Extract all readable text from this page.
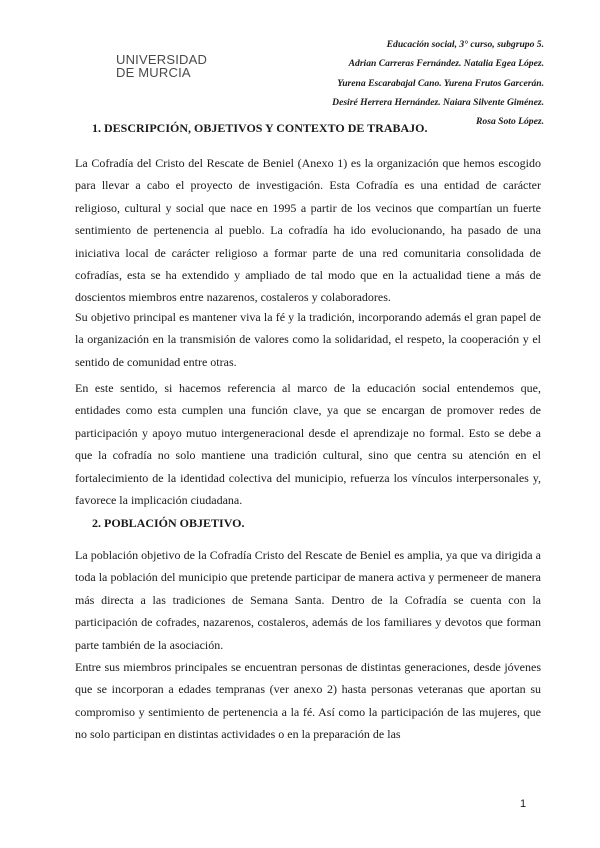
UNIVERSIDAD
DE MURCIA
Educación social, 3° curso, subgrupo 5.
Adrian Carreras Fernández. Natalia Egea López.
Yurena Escarabajal Cano. Yurena Frutos Garcerán.
Desiré Herrera Hernández. Naiara Silvente Giménez.
Rosa Soto López.
1. DESCRIPCIÓN, OBJETIVOS Y CONTEXTO DE TRABAJO.

La Cofradía del Cristo del Rescate de Beniel (Anexo 1) es la organización que hemos escogido para llevar a cabo el proyecto de investigación. Esta Cofradía es una entidad de carácter religioso, cultural y social que nace en 1995 a partir de los vecinos que compartían un fuerte sentimiento de pertenencia al pueblo. La cofradía ha ido evolucionando, ha pasado de una iniciativa local de carácter religioso a formar parte de una red comunitaria consolidada de cofradías, esta se ha extendido y ampliado de tal modo que en la actualidad tiene a más de doscientos miembros entre nazarenos, costaleros y colaboradores.

Su objetivo principal es mantener viva la fé y la tradición, incorporando además el gran papel de la organización en la transmisión de valores como la solidaridad, el respeto, la cooperación y el sentido de comunidad entre otras.

En este sentido, si hacemos referencia al marco de la educación social entendemos que, entidades como esta cumplen una función clave, ya que se encargan de promover redes de participación y apoyo mutuo intergeneracional desde el aprendizaje no formal. Esto se debe a que la cofradía no solo mantiene una tradición cultural, sino que centra su atención en el fortalecimiento de la identidad colectiva del municipio, refuerza los vínculos interpersonales y, favorece la implicación ciudadana.

2. POBLACIÓN OBJETIVO.

La población objetivo de la Cofradía Cristo del Rescate de Beniel es amplia, ya que va dirigida a toda la población del municipio que pretende participar de manera activa y permeneer de manera más directa a las tradiciones de Semana Santa. Dentro de la Cofradía se cuenta con la participación de cofrades, nazarenos, costaleros, además de los familiares y devotos que forman parte también de la asociación.

Entre sus miembros principales se encuentran personas de distintas generaciones, desde jóvenes que se incorporan a edades tempranas (ver anexo 2) hasta personas veteranas que aportan su compromiso y sentimiento de pertenencia a la fé. Así como la participación de las mujeres, que no solo participan en distintas actividades o en la preparación de las

1
